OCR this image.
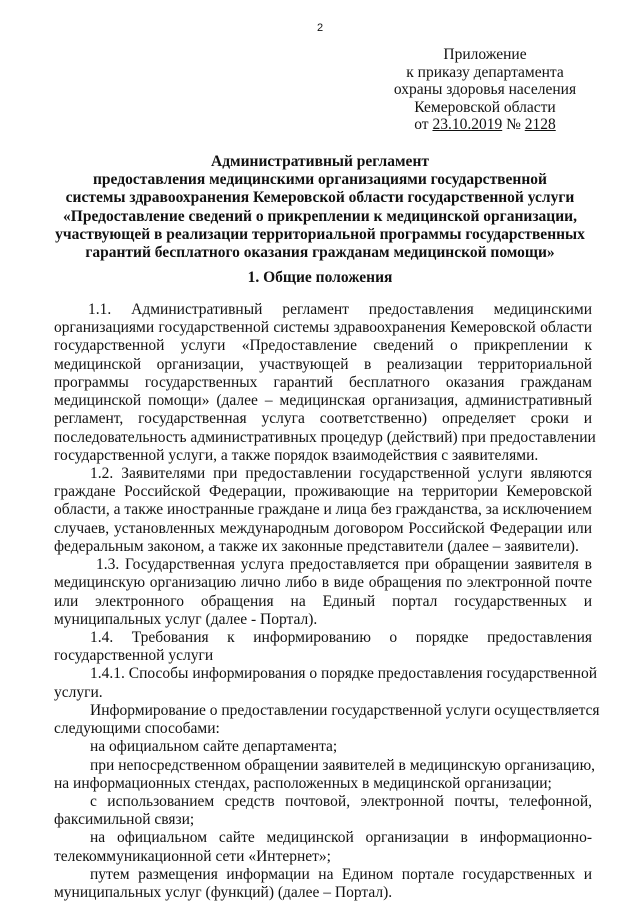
2
Приложение
к приказу департамента
охраны здоровья населения
Кемеровской области
от 23.10.2019 № 2128
Административный регламент
предоставления медицинскими организациями государственной
системы здравоохранения Кемеровской области государственной услуги
«Предоставление сведений о прикреплении к медицинской организации,
участвующей в реализации территориальной программы государственных
гарантий бесплатного оказания гражданам медицинской помощи»
1. Общие положения
1.1. Административный регламент предоставления медицинскими
организациями государственной системы здравоохранения Кемеровской области
государственной услуги «Предоставление сведений о прикреплении к
медицинской организации, участвующей в реализации территориальной
программы государственных гарантий бесплатного оказания гражданам
медицинской помощи» (далее – медицинская организация, административный
регламент, государственная услуга соответственно) определяет сроки и
последовательность административных процедур (действий) при предоставлении
государственной услуги, а также порядок взаимодействия с заявителями.
1.2. Заявителями при предоставлении государственной услуги являются
граждане Российской Федерации, проживающие на территории Кемеровской
области, а также иностранные граждане и лица без гражданства, за исключением
случаев, установленных международным договором Российской Федерации или
федеральным законом, а также их законные представители (далее – заявители).
1.3. Государственная услуга предоставляется при обращении заявителя в
медицинскую организацию лично либо в виде обращения по электронной почте
или электронного обращения на Единый портал государственных и
муниципальных услуг (далее - Портал).
1.4. Требования к информированию о порядке предоставления
государственной услуги
1.4.1. Способы информирования о порядке предоставления государственной
услуги.
Информирование о предоставлении государственной услуги осуществляется
следующими способами:
на официальном сайте департамента;
при непосредственном обращении заявителей в медицинскую организацию,
на информационных стендах, расположенных в медицинской организации;
с использованием средств почтовой, электронной почты, телефонной,
факсимильной связи;
на официальном сайте медицинской организации в информационно-
телекоммуникационной сети «Интернет»;
путем размещения информации на Едином портале государственных и
муниципальных услуг (функций) (далее – Портал).
